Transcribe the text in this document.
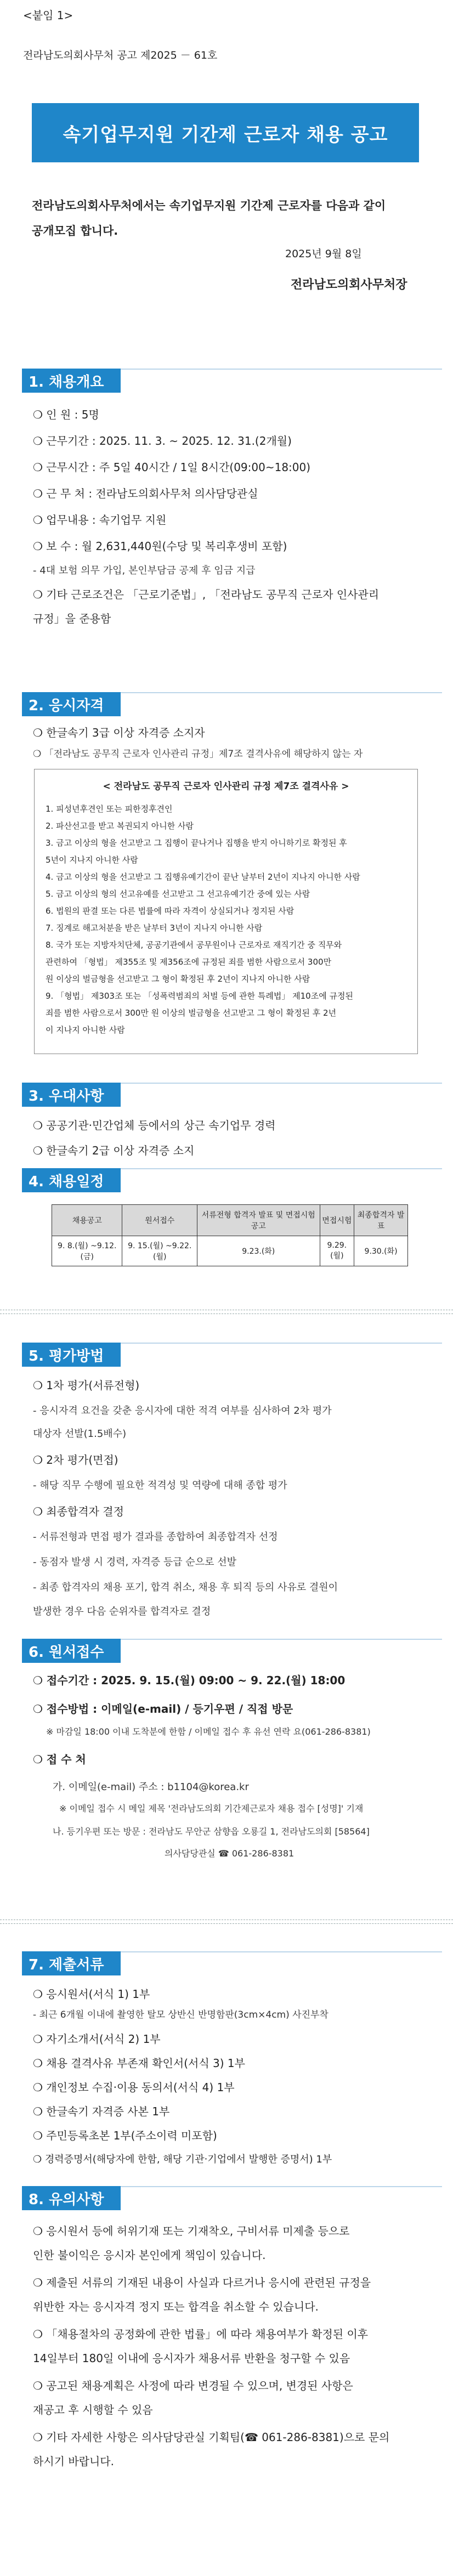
<붙임 1>
전라남도의회사무처 공고 제2025 － 61호
속기업무지원 기간제 근로자 채용 공고
전라남도의회사무처에서는 속기업무지원 기간제 근로자를 다음과 같이
공개모집 합니다.
2025년 9월 8일
전라남도의회사무처장
1. 채용개요
❍ 인 원 : 5명
❍ 근무기간 : 2025. 11. 3. ~ 2025. 12. 31.(2개월)
❍ 근무시간 : 주 5일 40시간 / 1일 8시간(09:00~18:00)
❍ 근 무 처 : 전라남도의회사무처 의사담당관실
❍ 업무내용 : 속기업무 지원
❍ 보 수 : 월 2,631,440원(수당 및 복리후생비 포함)
- 4대 보험 의무 가입, 본인부담금 공제 후 임금 지급
❍ 기타 근로조건은 「근로기준법」, 「전라남도 공무직 근로자 인사관리
규정」을 준용함
2. 응시자격
❍ 한글속기 3급 이상 자격증 소지자
❍ 「전라남도 공무직 근로자 인사관리 규정」제7조 결격사유에 해당하지 않는 자
< 전라남도 공무직 근로자 인사관리 규정 제7조 결격사유 >
1. 피성년후견인 또는 피한정후견인
2. 파산선고를 받고 복권되지 아니한 사람
3. 금고 이상의 형을 선고받고 그 집행이 끝나거나 집행을 받지 아니하기로 확정된 후
5년이 지나지 아니한 사람
4. 금고 이상의 형을 선고받고 그 집행유예기간이 끝난 날부터 2년이 지나지 아니한 사람
5. 금고 이상의 형의 선고유예를 선고받고 그 선고유예기간 중에 있는 사람
6. 법원의 판결 또는 다른 법률에 따라 자격이 상실되거나 정지된 사람
7. 징계로 해고처분을 받은 날부터 3년이 지나지 아니한 사람
8. 국가 또는 지방자치단체, 공공기관에서 공무원이나 근로자로 재직기간 중 직무와
관련하여 「형법」 제355조 및 제356조에 규정된 죄를 범한 사람으로서 300만
원 이상의 벌금형을 선고받고 그 형이 확정된 후 2년이 지나지 아니한 사람
9. 「형법」 제303조 또는 「성폭력범죄의 처벌 등에 관한 특례법」 제10조에 규정된
죄를 범한 사람으로서 300만 원 이상의 벌금형을 선고받고 그 형이 확정된 후 2년
이 지나지 아니한 사람
3. 우대사항
❍ 공공기관‧민간업체 등에서의 상근 속기업무 경력
❍ 한글속기 2급 이상 자격증 소지
4. 채용일정
채용공고	원서접수	서류전형 합격자 발표 및 면접시험 공고	면접시험	최종합격자 발표
9. 8.(월) ~9.12.(금)	9. 15.(월) ~9.22.(월)	9.23.(화)	9.29.(월)	9.30.(화)
5. 평가방법
❍ 1차 평가(서류전형)
- 응시자격 요건을 갖춘 응시자에 대한 적격 여부를 심사하여 2차 평가
대상자 선발(1.5배수)
❍ 2차 평가(면접)
- 해당 직무 수행에 필요한 적격성 및 역량에 대해 종합 평가
❍ 최종합격자 결정
- 서류전형과 면접 평가 결과를 종합하여 최종합격자 선정
- 동점자 발생 시 경력, 자격증 등급 순으로 선발
- 최종 합격자의 채용 포기, 합격 취소, 채용 후 퇴직 등의 사유로 결원이
발생한 경우 다음 순위자를 합격자로 결정
6. 원서접수
❍ 접수기간 : 2025. 9. 15.(월) 09:00 ~ 9. 22.(월) 18:00
❍ 접수방법 : 이메일(e-mail) / 등기우편 / 직접 방문
※ 마감일 18:00 이내 도착분에 한함 / 이메일 접수 후 유선 연락 요(061-286-8381)
❍ 접 수 처
가. 이메일(e-mail) 주소 : b1104@korea.kr
※ 이메일 접수 시 메일 제목 '전라남도의회 기간제근로자 채용 접수 [성명]' 기재
나. 등기우편 또는 방문 : 전라남도 무안군 삼향읍 오룡길 1, 전라남도의회 [58564]
의사담당관실 ☎ 061-286-8381
7. 제출서류
❍ 응시원서(서식 1) 1부
- 최근 6개월 이내에 촬영한 탈모 상반신 반명함판(3cm×4cm) 사진부착
❍ 자기소개서(서식 2) 1부
❍ 채용 결격사유 부존재 확인서(서식 3) 1부
❍ 개인정보 수집‧이용 동의서(서식 4) 1부
❍ 한글속기 자격증 사본 1부
❍ 주민등록초본 1부(주소이력 미포함)
❍ 경력증명서(해당자에 한함, 해당 기관‧기업에서 발행한 증명서) 1부
8. 유의사항
❍ 응시원서 등에 허위기재 또는 기재착오, 구비서류 미제출 등으로
인한 불이익은 응시자 본인에게 책임이 있습니다.
❍ 제출된 서류의 기재된 내용이 사실과 다르거나 응시에 관련된 규정을
위반한 자는 응시자격 정지 또는 합격을 취소할 수 있습니다.
❍ 「채용절차의 공정화에 관한 법률」에 따라 채용여부가 확정된 이후
14일부터 180일 이내에 응시자가 채용서류 반환을 청구할 수 있음
❍ 공고된 채용계획은 사정에 따라 변경될 수 있으며, 변경된 사항은
재공고 후 시행할 수 있음
❍ 기타 자세한 사항은 의사담당관실 기획팀(☎ 061-286-8381)으로 문의
하시기 바랍니다.
